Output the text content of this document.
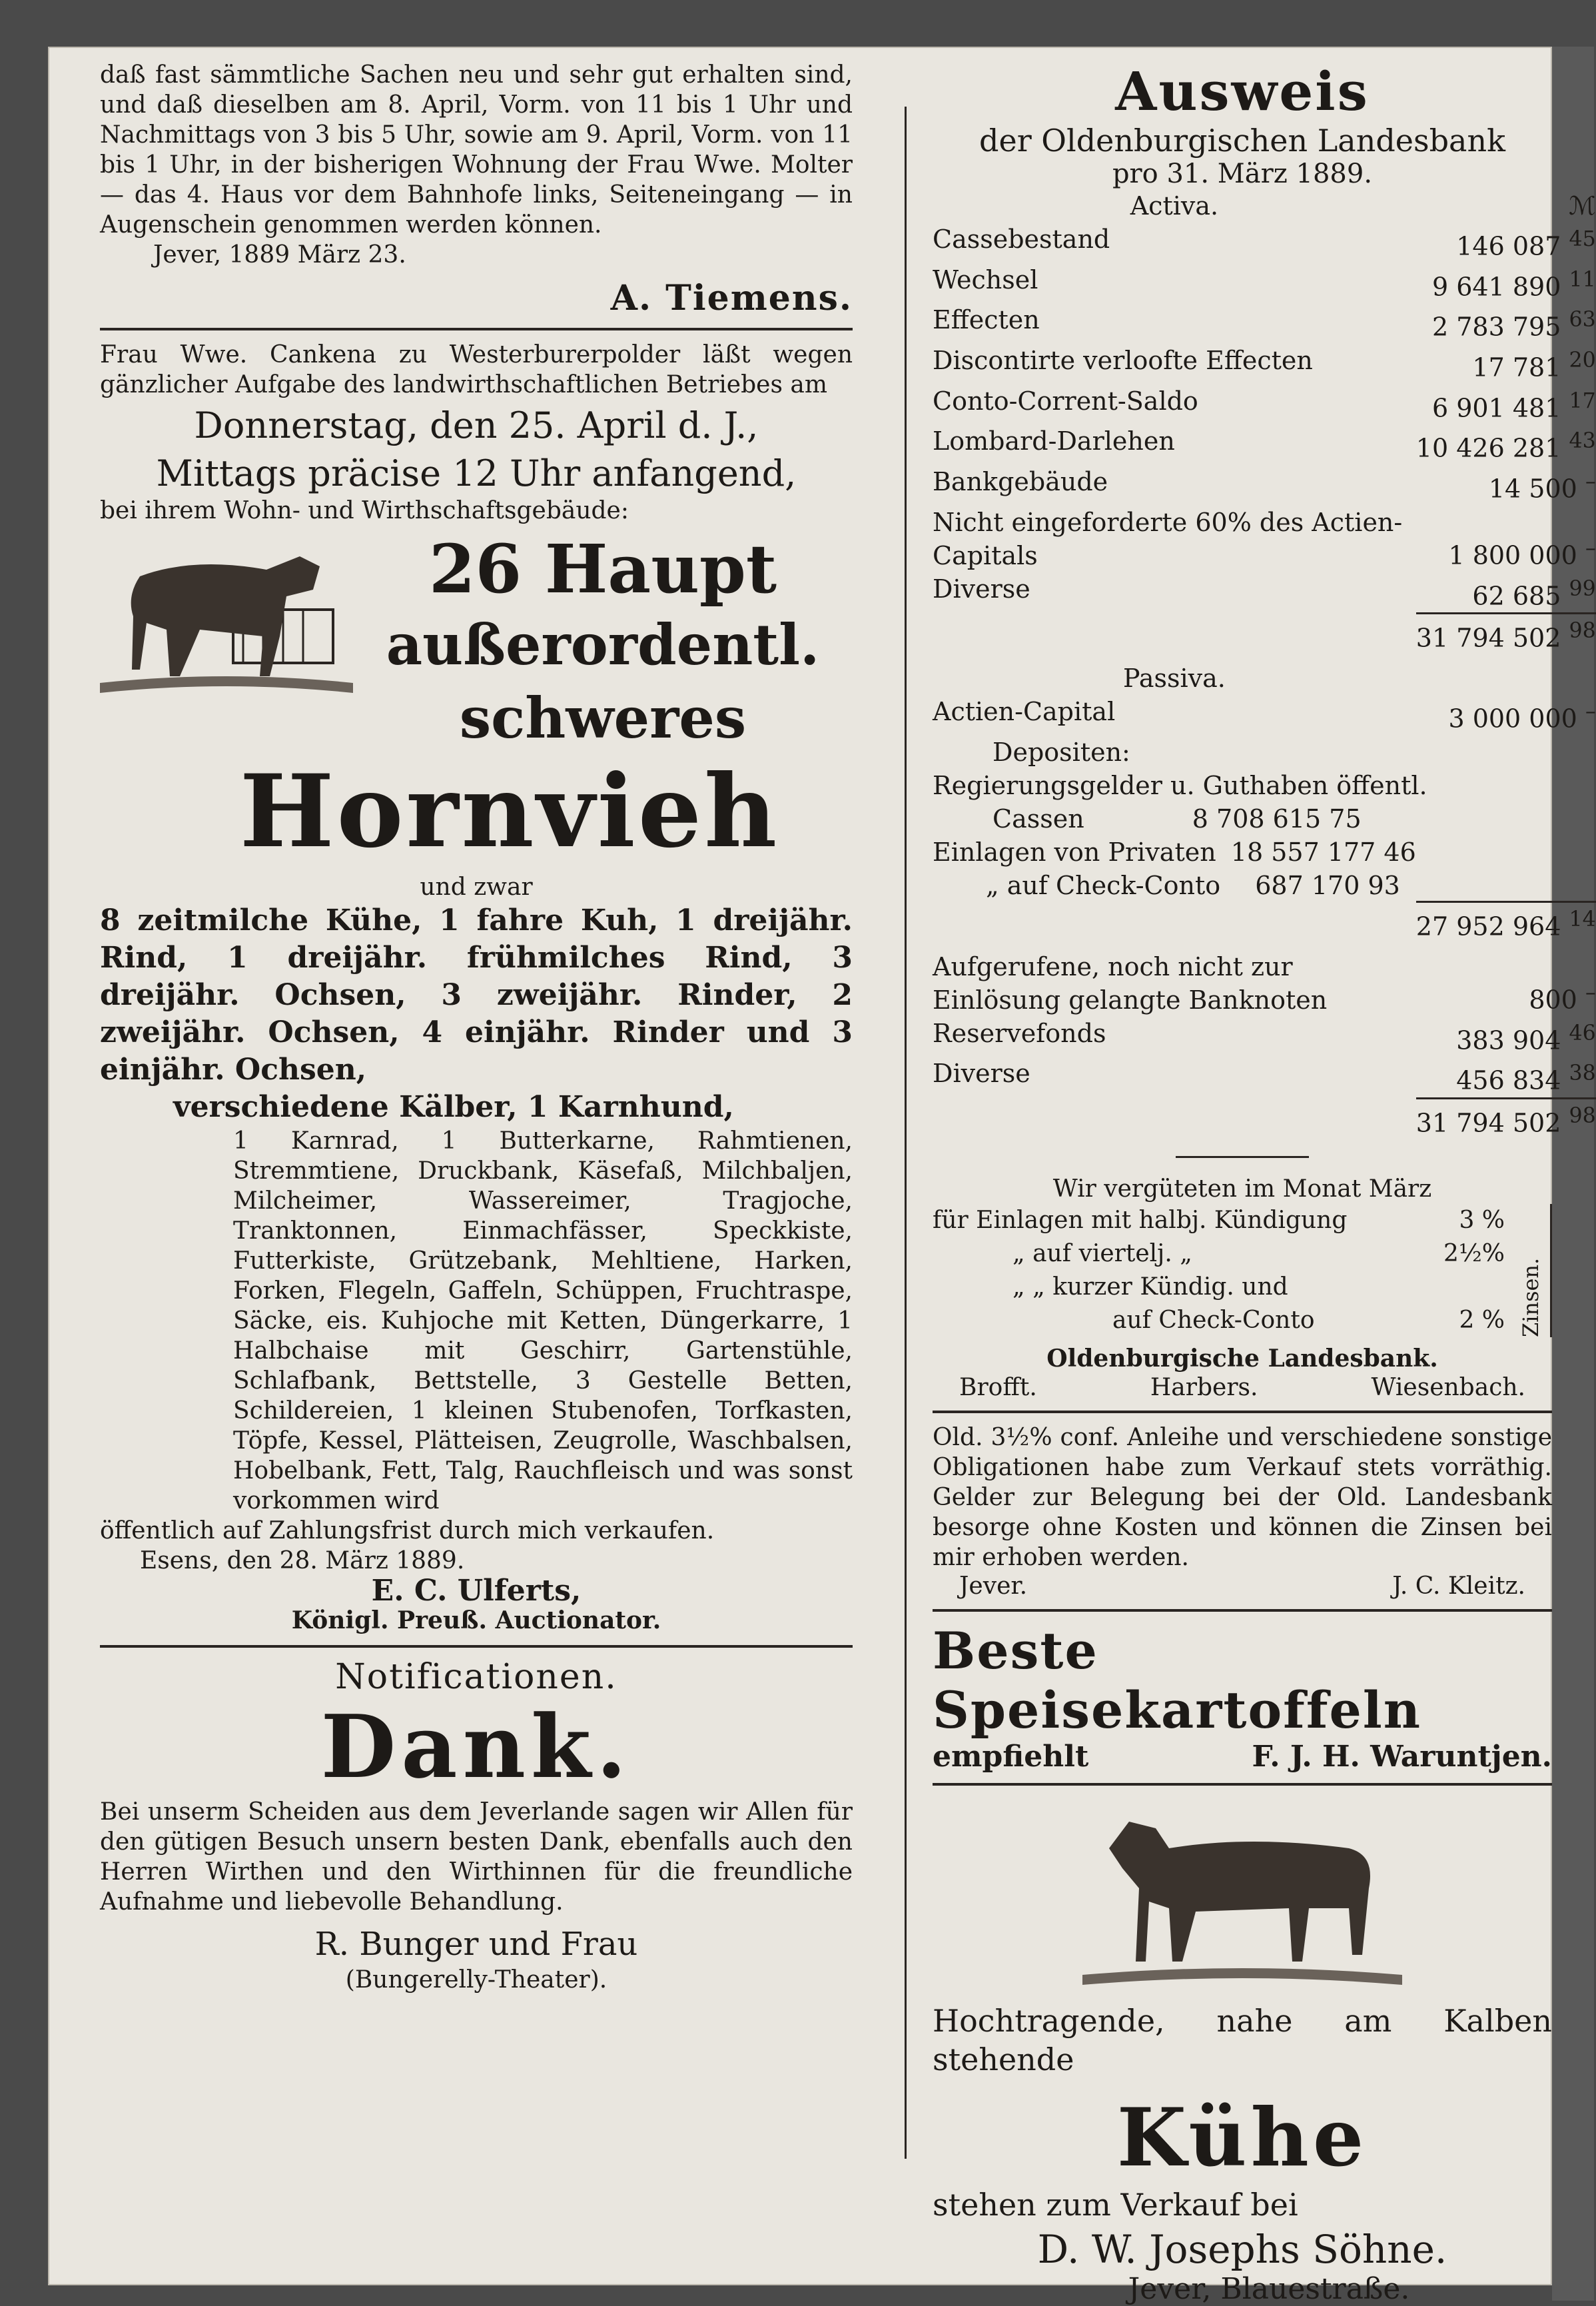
daß fast sämmtliche Sachen neu und sehr gut erhalten sind, und daß dieselben am 8. April, Vorm. von 11 bis 1 Uhr und Nachmittags von 3 bis 5 Uhr, sowie am 9. April, Vorm. von 11 bis 1 Uhr, in der bisherigen Wohnung der Frau Wwe. Molter — das 4. Haus vor dem Bahnhofe links, Seiteneingang — in Augenschein genommen werden können.

Jever, 1889 März 23.

A. Tiemens.

Frau Wwe. Cankena zu Westerburerpolder läßt wegen gänzlicher Aufgabe des landwirthschaftlichen Betriebes am

Donnerstag, den 25. April d. J.,

Mittags präcise 12 Uhr anfangend,

bei ihrem Wohn- und Wirthschaftsgebäude:

26 Haupt
außerordentl.
schweres

Hornvieh

und zwar

8 zeitmilche Kühe, 1 fahre Kuh, 1 dreijähr. Rind, 1 dreijähr. frühmilches Rind, 3 dreijähr. Ochsen, 3 zweijähr. Rinder, 2 zweijähr. Ochsen, 4 einjähr. Rinder und 3 einjähr. Ochsen,

verschiedene Kälber, 1 Karnhund,

1 Karnrad, 1 Butterkarne, Rahmtienen, Stremmtiene, Druckbank, Käsefaß, Milchbaljen, Milcheimer, Wassereimer, Tragjoche, Tranktonnen, Einmachfässer, Speckkiste, Futterkiste, Grützebank, Mehltiene, Harken, Forken, Flegeln, Gaffeln, Schüppen, Fruchtraspe, Säcke, eis. Kuhjoche mit Ketten, Düngerkarre, 1 Halbchaise mit Geschirr, Gartenstühle, Schlafbank, Bettstelle, 3 Gestelle Betten, Schildereien, 1 kleinen Stubenofen, Torfkasten, Töpfe, Kessel, Plätteisen, Zeugrolle, Waschbalsen, Hobelbank, Fett, Talg, Rauchfleisch und was sonst vorkommen wird

öffentlich auf Zahlungsfrist durch mich verkaufen.

Esens, den 28. März 1889.

E. C. Ulferts,

Königl. Preuß. Auctionator.

Notificationen.

Dank.

Bei unserm Scheiden aus dem Jeverlande sagen wir Allen für den gütigen Besuch unsern besten Dank, ebenfalls auch den Herren Wirthen und den Wirthinnen für die freundliche Aufnahme und liebevolle Behandlung.

R. Bunger und Frau

(Bungerelly-Theater).

Ausweis

der Oldenburgischen Landesbank

pro 31. März 1889.

Activa.	ℳ
Cassebestand	146 087 $^{45}$
Wechsel	9 641 890 $^{11}$
Effecten	2 783 795 $^{63}$
Discontirte verloofte Effecten	17 781 $^{20}$
Conto-Corrent-Saldo	6 901 481 $^{17}$
Lombard-Darlehen	10 426 281 $^{43}$
Bankgebäude	14 500 –
Nicht eingeforderte 60% des Actien-Capitals	1 800 000 –
Diverse	62 685 $^{99}$
	31 794 502 $^{98}$
Passiva.	
Actien-Capital	3 000 000 –
Depositen:	
Regierungsgelder u. Guthaben öffentl.	
Cassen 8 708 615 75	
Einlagen von Privaten 18 557 177 46	
„ auf Check-Conto 687 170 93	
	27 952 964 $^{14}$
Aufgerufene, noch nicht zur Einlösung gelangte Banknoten	800 –
Reservefonds	383 904 $^{46}$
Diverse	456 834 $^{38}$
	31 794 502 $^{98}$

Wir vergüteten im Monat März

für Einlagen mit halbj. Kündigung	3 %
„ auf viertelj. „	2½%
„ „ kurzer Kündig. und	
auf Check-Conto	2 % Zinsen.

Oldenburgische Landesbank.

Brofft.	Harbers.	Wiesenbach.

Old. 3½% conf. Anleihe und verschiedene sonstige Obligationen habe zum Verkauf stets vorräthig. Gelder zur Belegung bei der Old. Landesbank besorge ohne Kosten und können die Zinsen bei mir erhoben werden.

Jever.	J. C. Kleitz.

Beste Speisekartoffeln

empfiehlt	F. J. H. Waruntjen.

Hochtragende, nahe am Kalben stehende

Kühe

stehen zum Verkauf bei

D. W. Josephs Söhne.

Jever, Blauestraße.
